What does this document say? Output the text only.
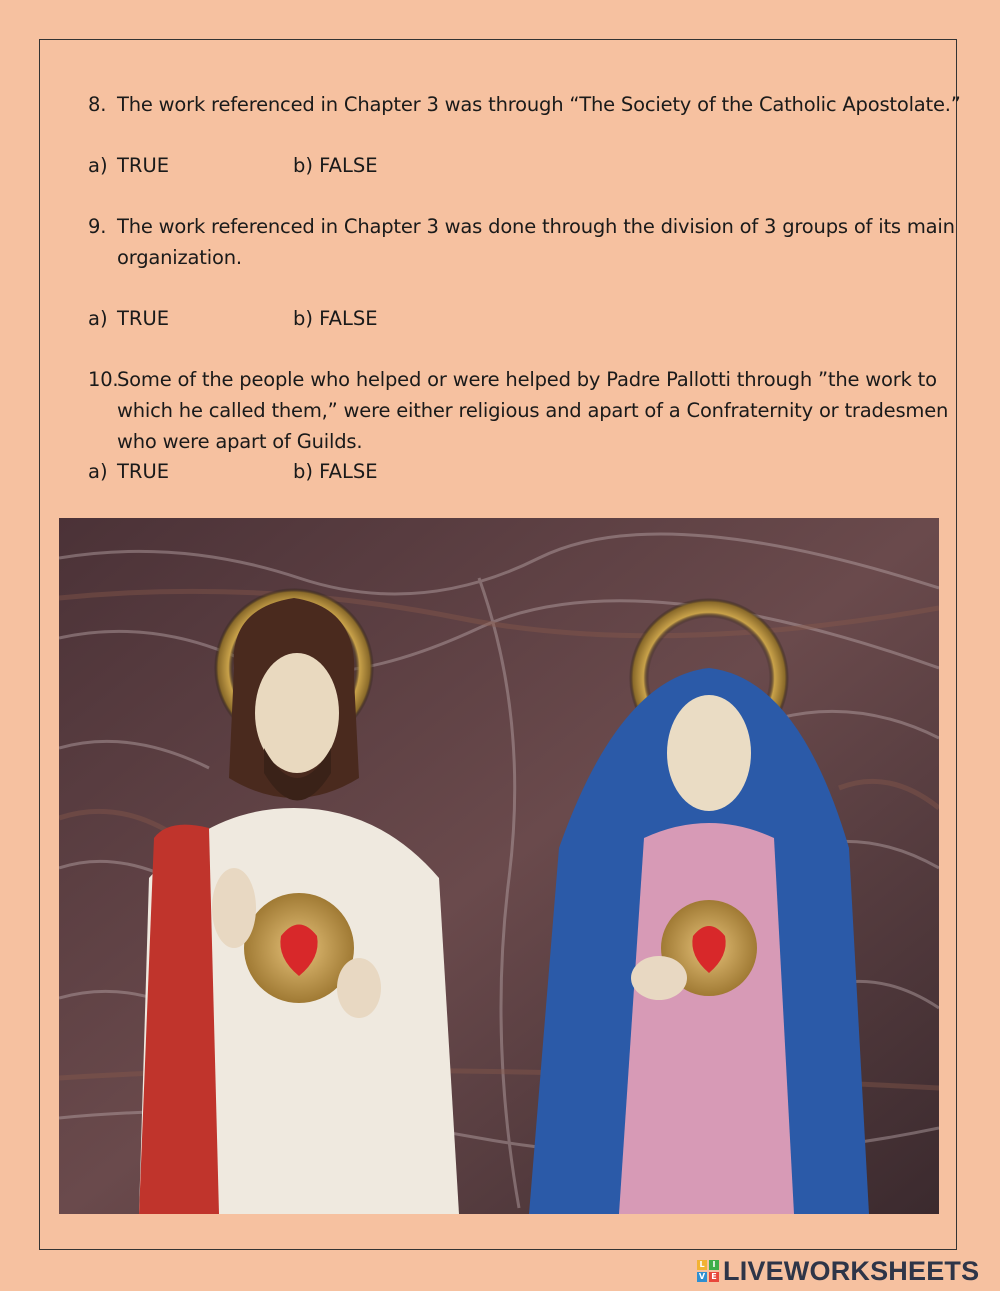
8. The work referenced in Chapter 3 was through “The Society of the Catholic Apostolate.”
a) TRUE	b) FALSE
9. The work referenced in Chapter 3 was done through the division of 3 groups of its main
organization.
a) TRUE	b) FALSE
10.
Some of the people who helped or were helped by Padre Pallotti through ”the work to
which he called them,” were either religious and apart of a Confraternity or tradesmen
who were apart of Guilds.
a) TRUE	b) FALSE
L I
V E LIVEWORKSHEETS
